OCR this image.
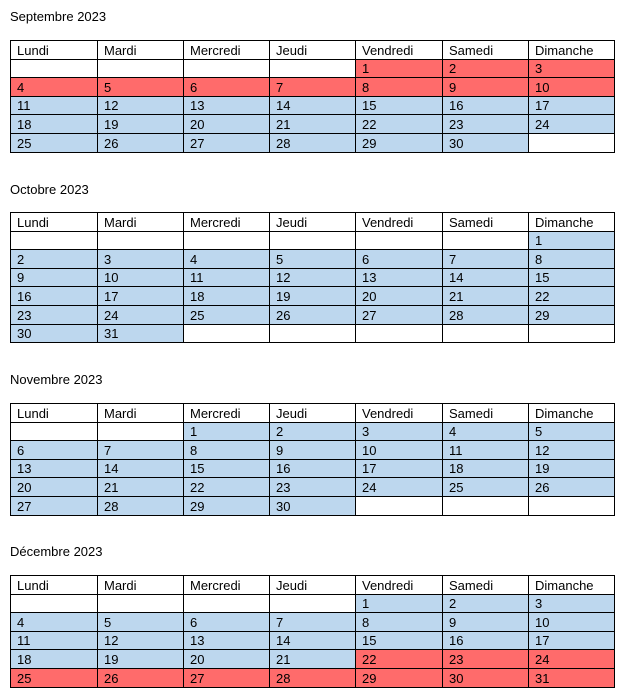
Septembre 2023
Lundi	Mardi	Mercredi	Jeudi	Vendredi	Samedi	Dimanche
				1	2	3
4	5	6	7	8	9	10
11	12	13	14	15	16	17
18	19	20	21	22	23	24
25	26	27	28	29	30	
Octobre 2023
Lundi	Mardi	Mercredi	Jeudi	Vendredi	Samedi	Dimanche
						1
2	3	4	5	6	7	8
9	10	11	12	13	14	15
16	17	18	19	20	21	22
23	24	25	26	27	28	29
30	31					
Novembre 2023
Lundi	Mardi	Mercredi	Jeudi	Vendredi	Samedi	Dimanche
		1	2	3	4	5
6	7	8	9	10	11	12
13	14	15	16	17	18	19
20	21	22	23	24	25	26
27	28	29	30			
Décembre 2023
Lundi	Mardi	Mercredi	Jeudi	Vendredi	Samedi	Dimanche
				1	2	3
4	5	6	7	8	9	10
11	12	13	14	15	16	17
18	19	20	21	22	23	24
25	26	27	28	29	30	31
